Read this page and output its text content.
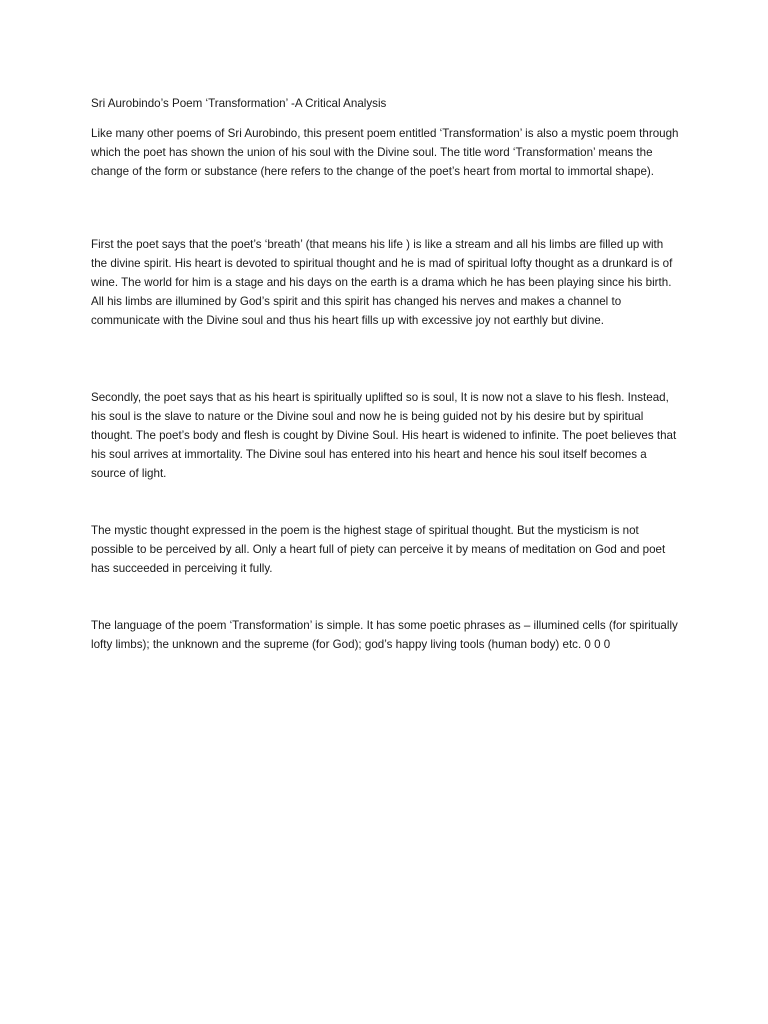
Sri Aurobindo’s Poem ‘Transformation’ -A Critical Analysis

Like many other poems of Sri Aurobindo, this present poem entitled ‘Transformation’ is also a mystic poem through which the poet has shown the union of his soul with the Divine soul. The title word ‘Transformation’ means the change of the form or substance (here refers to the change of the poet’s heart from mortal to immortal shape).

First the poet says that the poet’s ‘breath’ (that means his life ) is like a stream and all his limbs are filled up with the divine spirit. His heart is devoted to spiritual thought and he is mad of spiritual lofty thought as a drunkard is of wine. The world for him is a stage and his days on the earth is a drama which he has been playing since his birth. All his limbs are illumined by God’s spirit and this spirit has changed his nerves and makes a channel to communicate with the Divine soul and thus his heart fills up with excessive joy not earthly but divine.

Secondly, the poet says that as his heart is spiritually uplifted so is soul, It is now not a slave to his flesh. Instead, his soul is the slave to nature or the Divine soul and now he is being guided not by his desire but by spiritual thought. The poet’s body and flesh is cought by Divine Soul. His heart is widened to infinite. The poet believes that his soul arrives at immortality. The Divine soul has entered into his heart and hence his soul itself becomes a source of light.

The mystic thought expressed in the poem is the highest stage of spiritual thought. But the mysticism is not possible to be perceived by all. Only a heart full of piety can perceive it by means of meditation on God and poet has succeeded in perceiving it fully.

The language of the poem ‘Transformation’ is simple. It has some poetic phrases as – illumined cells (for spiritually lofty limbs); the unknown and the supreme (for God); god’s happy living tools (human body) etc. 0 0 0
